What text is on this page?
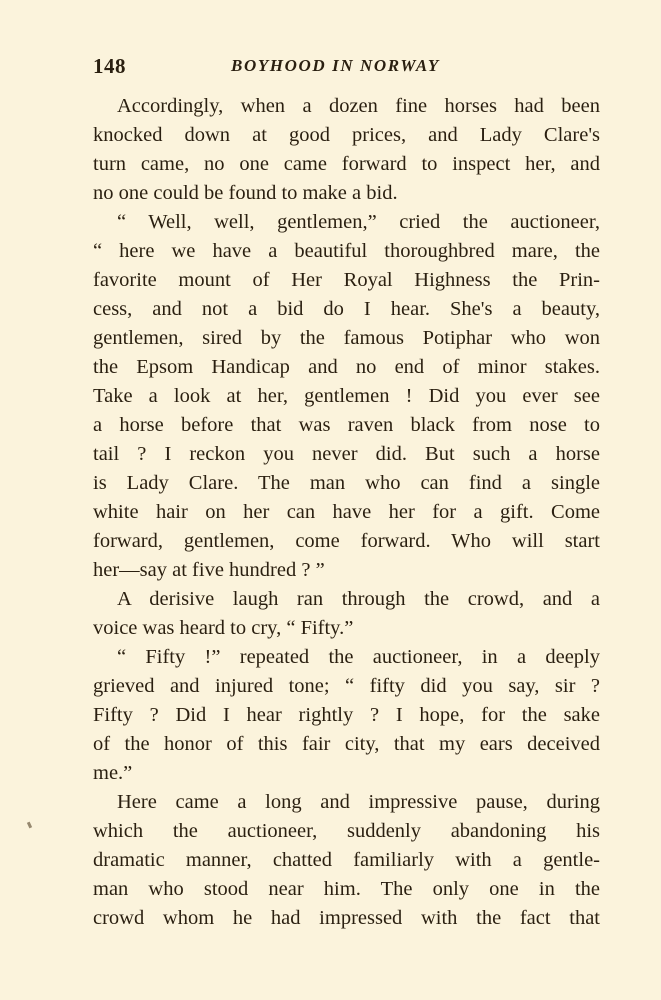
148	BOYHOOD IN NORWAY
Accordingly, when a dozen fine horses had been
knocked down at good prices, and Lady Clare's
turn came, no one came forward to inspect her, and
no one could be found to make a bid.
“ Well, well, gentlemen,” cried the auctioneer,
“ here we have a beautiful thoroughbred mare, the
favorite mount of Her Royal Highness the Prin-
cess, and not a bid do I hear. She's a beauty,
gentlemen, sired by the famous Potiphar who won
the Epsom Handicap and no end of minor stakes.
Take a look at her, gentlemen ! Did you ever see
a horse before that was raven black from nose to
tail ? I reckon you never did. But such a horse
is Lady Clare. The man who can find a single
white hair on her can have her for a gift. Come
forward, gentlemen, come forward. Who will start
her—say at five hundred ? ”
A derisive laugh ran through the crowd, and a
voice was heard to cry, “ Fifty.”
“ Fifty !” repeated the auctioneer, in a deeply
grieved and injured tone; “ fifty did you say, sir ?
Fifty ? Did I hear rightly ? I hope, for the sake
of the honor of this fair city, that my ears deceived
me.”
Here came a long and impressive pause, during
which the auctioneer, suddenly abandoning his
dramatic manner, chatted familiarly with a gentle-
man who stood near him. The only one in the
crowd whom he had impressed with the fact that
